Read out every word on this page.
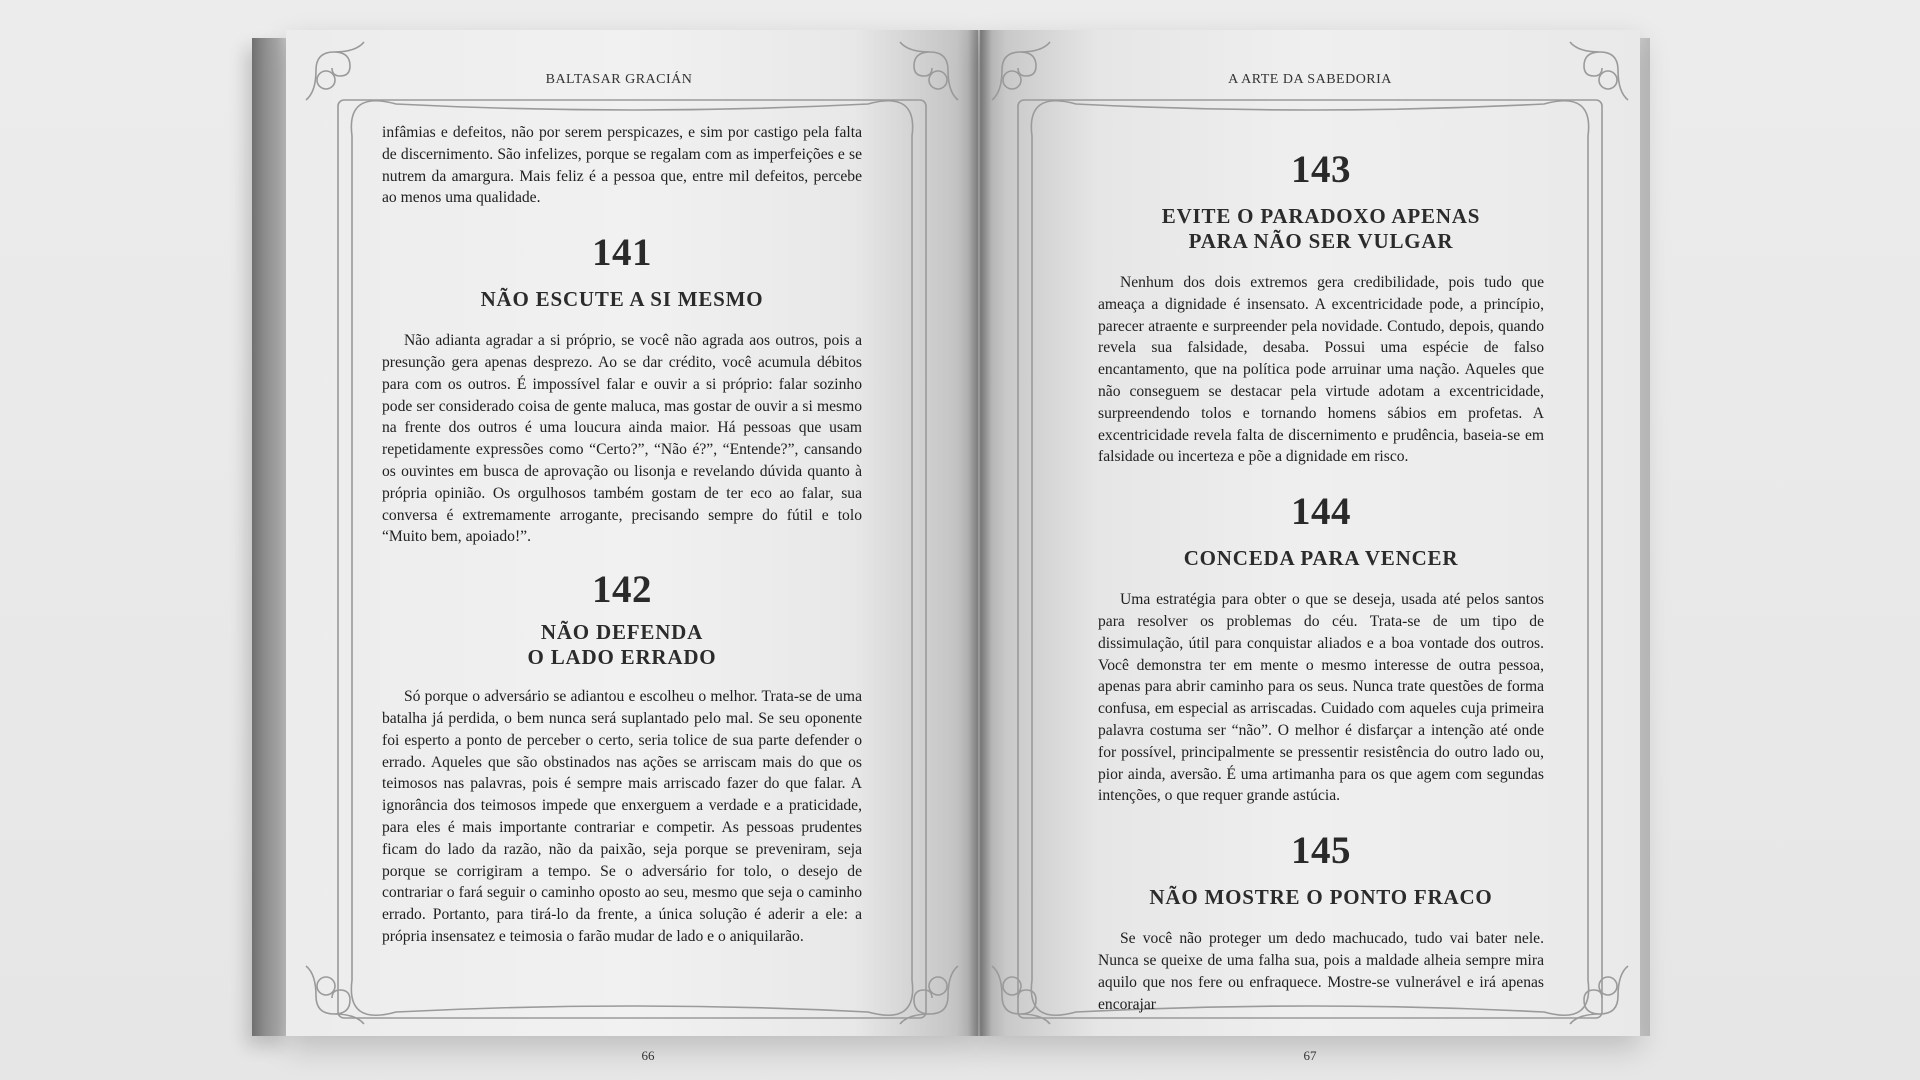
BALTASAR GRACIÁN

infâmias e defeitos, não por serem perspicazes, e sim por castigo pela falta de discernimento. São infelizes, porque se regalam com as imperfeições e se nutrem da amargura. Mais feliz é a pessoa que, entre mil defeitos, percebe ao menos uma qualidade.

141
NÃO ESCUTE A SI MESMO

Não adianta agradar a si próprio, se você não agrada aos outros, pois a presunção gera apenas desprezo. Ao se dar crédito, você acumula débitos para com os outros. É impossível falar e ouvir a si próprio: falar sozinho pode ser considerado coisa de gente maluca, mas gostar de ouvir a si mesmo na frente dos outros é uma loucura ainda maior. Há pessoas que usam repetidamente expressões como “Certo?”, “Não é?”, “Entende?”, cansando os ouvintes em busca de aprovação ou lisonja e revelando dúvida quanto à própria opinião. Os orgulhosos também gostam de ter eco ao falar, sua conversa é extremamente arrogante, precisando sempre do fútil e tolo “Muito bem, apoiado!”.

142
NÃO DEFENDA
O LADO ERRADO

Só porque o adversário se adiantou e escolheu o melhor. Trata-se de uma batalha já perdida, o bem nunca será suplantado pelo mal. Se seu oponente foi esperto a ponto de perceber o certo, seria tolice de sua parte defender o errado. Aqueles que são obstinados nas ações se arriscam mais do que os teimosos nas palavras, pois é sempre mais arriscado fazer do que falar. A ignorância dos teimosos impede que enxerguem a verdade e a praticidade, para eles é mais importante contrariar e competir. As pessoas prudentes ficam do lado da razão, não da paixão, seja porque se preveniram, seja porque se corrigiram a tempo. Se o adversário for tolo, o desejo de contrariar o fará seguir o caminho oposto ao seu, mesmo que seja o caminho errado. Portanto, para tirá-lo da frente, a única solução é aderir a ele: a própria insensatez e teimosia o farão mudar de lado e o aniquilarão.

66
A ARTE DA SABEDORIA
143
EVITE O PARADOXO APENAS
PARA NÃO SER VULGAR

Nenhum dos dois extremos gera credibilidade, pois tudo que ameaça a dignidade é insensato. A excentricidade pode, a princípio, parecer atraente e surpreender pela novidade. Contudo, depois, quando revela sua falsidade, desaba. Possui uma espécie de falso encantamento, que na política pode arruinar uma nação. Aqueles que não conseguem se destacar pela virtude adotam a excentricidade, surpreendendo tolos e tornando homens sábios em profetas. A excentricidade revela falta de discernimento e prudência, baseia-se em falsidade ou incerteza e põe a dignidade em risco.

144
CONCEDA PARA VENCER

Uma estratégia para obter o que se deseja, usada até pelos santos para resolver os problemas do céu. Trata-se de um tipo de dissimulação, útil para conquistar aliados e a boa vontade dos outros. Você demonstra ter em mente o mesmo interesse de outra pessoa, apenas para abrir caminho para os seus. Nunca trate questões de forma confusa, em especial as arriscadas. Cuidado com aqueles cuja primeira palavra costuma ser “não”. O melhor é disfarçar a intenção até onde for possível, principalmente se pressentir resistência do outro lado ou, pior ainda, aversão. É uma artimanha para os que agem com segundas intenções, o que requer grande astúcia.

145
NÃO MOSTRE O PONTO FRACO

Se você não proteger um dedo machucado, tudo vai bater nele. Nunca se queixe de uma falha sua, pois a maldade alheia sempre mira aquilo que nos fere ou enfraquece. Mostre-se vulnerável e irá apenas encorajar

67
